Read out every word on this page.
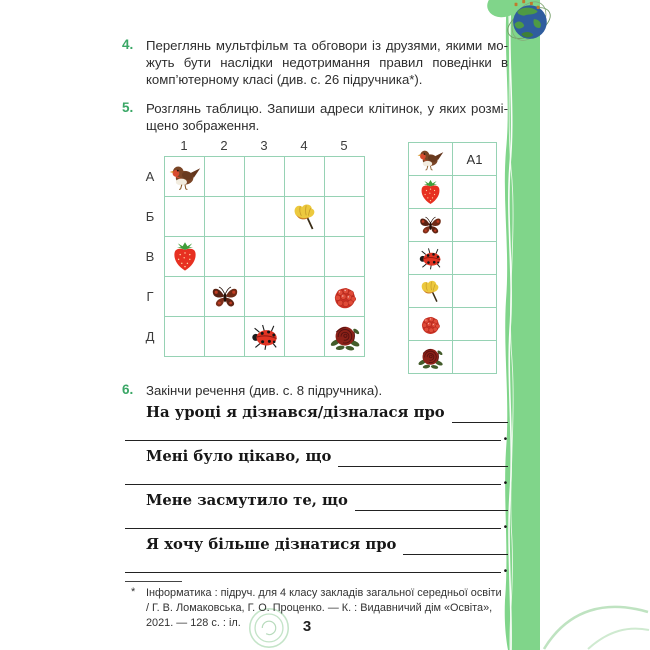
4. Переглянь мультфільм та обговори із друзями, якими мо-
жуть бути наслідки недотримання правил поведінки в
комп’ютерному класі (див. с. 26 підручника*).
5. Розглянь таблицю. Запиши адреси клітинок, у яких розмі-
щено зображення.
1	2	3	4	5
А
Б
В
Г
Д
А1
6. Закінчи речення (див. с. 8 підручника).
На уроці я дізнався/дізналася про
.
Мені було цікаво, що
.
Мене засмутило те, що
.
Я хочу більше дізнатися про
.
* Інформатика : підруч. для 4 класу закладів загальної середньої освіти
/ Г. В. Ломаковська, Г. О. Проценко. — К. : Видавничий дім «Освіта»,
2021. — 128 с. : іл.	3
